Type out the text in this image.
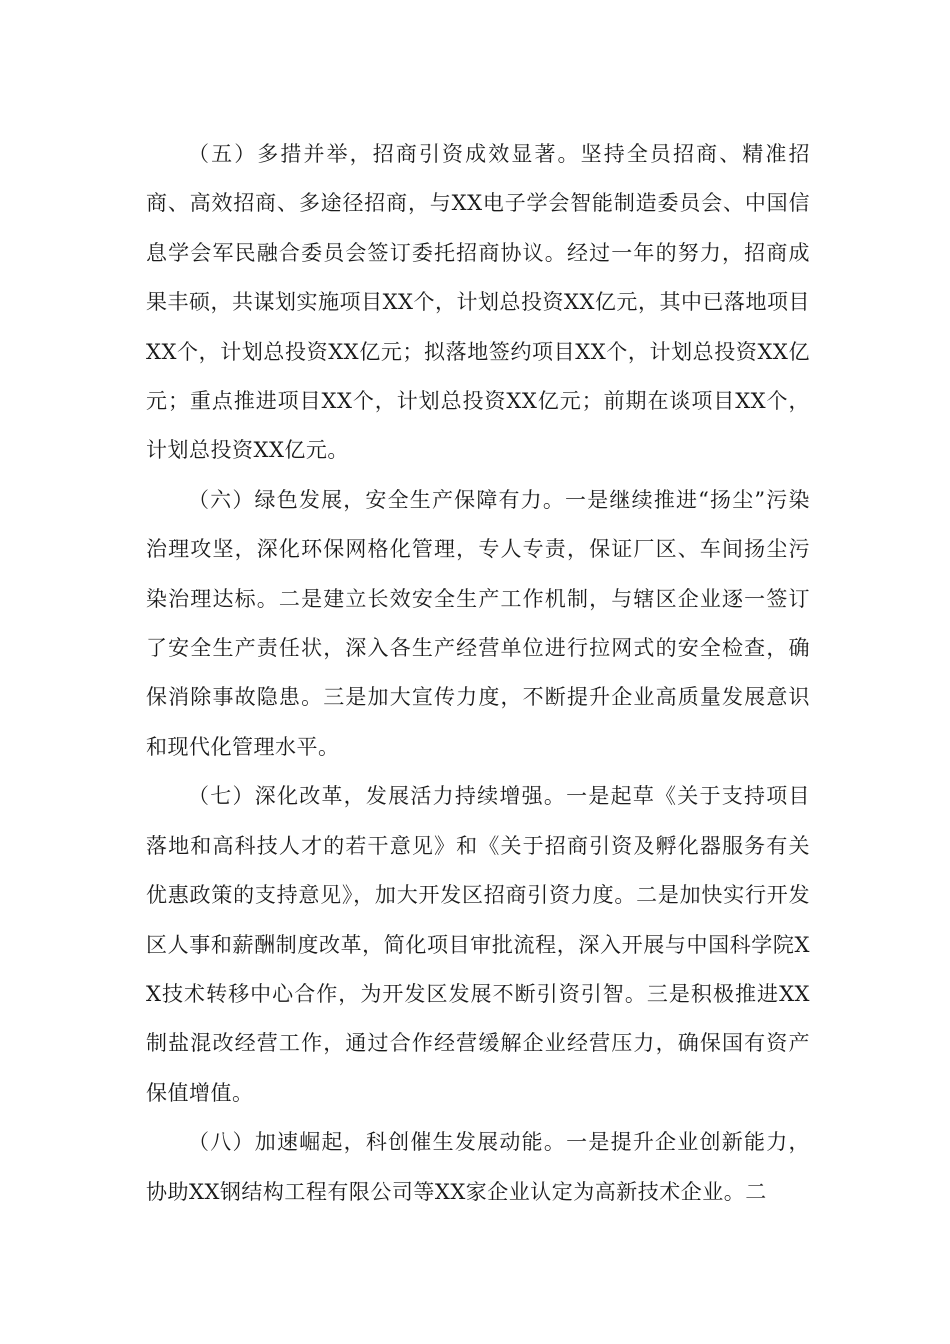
（五）多措并举，招商引资成效显著。坚持全员招商、精准招商、高效招商、多途径招商，与XX电子学会智能制造委员会、中国信息学会军民融合委员会签订委托招商协议。经过一年的努力，招商成果丰硕，共谋划实施项目XX个，计划总投资XX亿元，其中已落地项目XX个，计划总投资XX亿元；拟落地签约项目XX个，计划总投资XX亿元；重点推进项目XX个，计划总投资XX亿元；前期在谈项目XX个，计划总投资XX亿元。

（六）绿色发展，安全生产保障有力。一是继续推进“扬尘”污染治理攻坚，深化环保网格化管理，专人专责，保证厂区、车间扬尘污染治理达标。二是建立长效安全生产工作机制，与辖区企业逐一签订了安全生产责任状，深入各生产经营单位进行拉网式的安全检查，确保消除事故隐患。三是加大宣传力度，不断提升企业高质量发展意识和现代化管理水平。

（七）深化改革，发展活力持续增强。一是起草《关于支持项目落地和高科技人才的若干意见》和《关于招商引资及孵化器服务有关优惠政策的支持意见》，加大开发区招商引资力度。二是加快实行开发区人事和薪酬制度改革，简化项目审批流程，深入开展与中国科学院XX技术转移中心合作，为开发区发展不断引资引智。三是积极推进XX制盐混改经营工作，通过合作经营缓解企业经营压力，确保国有资产保值增值。

（八）加速崛起，科创催生发展动能。一是提升企业创新能力，协助XX钢结构工程有限公司等XX家企业认定为高新技术企业。二
